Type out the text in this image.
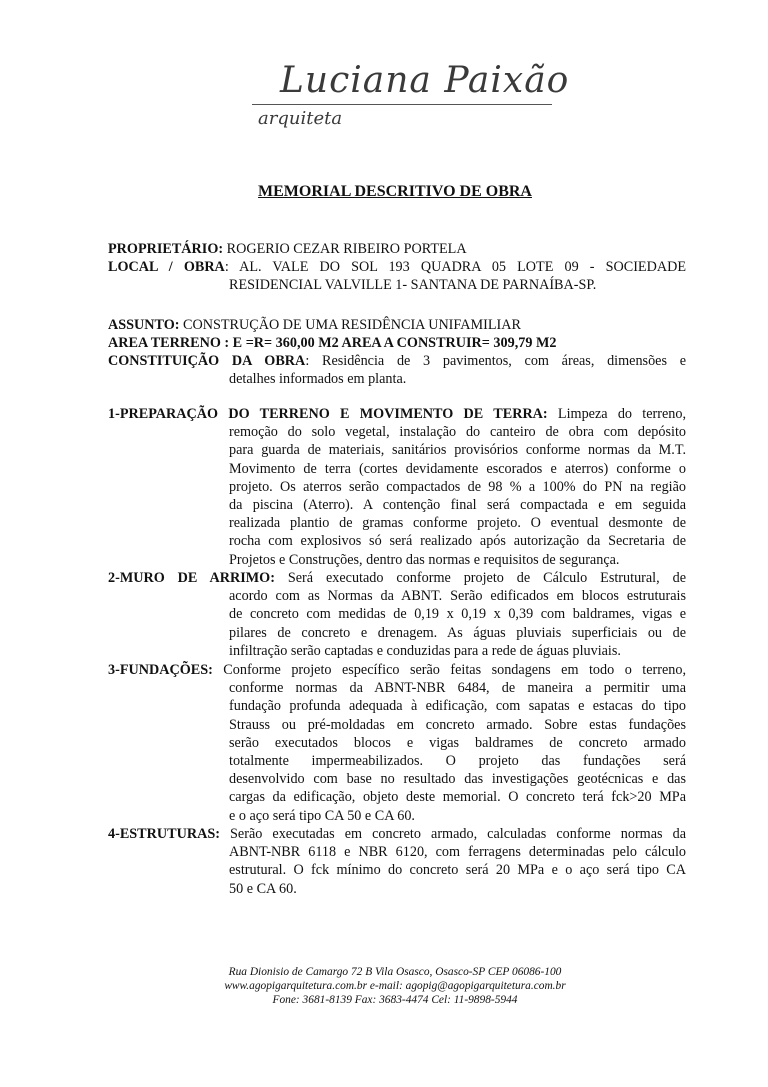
Luciana Paixão
arquiteta
MEMORIAL DESCRITIVO DE OBRA
PROPRIETÁRIO: ROGERIO CEZAR RIBEIRO PORTELA
LOCAL / OBRA: AL. VALE DO SOL 193 QUADRA 05 LOTE 09 - SOCIEDADE
RESIDENCIAL VALVILLE 1- SANTANA DE PARNAÍBA-SP.
ASSUNTO: CONSTRUÇÃO DE UMA RESIDÊNCIA UNIFAMILIAR
AREA TERRENO : E =R= 360,00 M2 AREA A CONSTRUIR= 309,79 M2
CONSTITUIÇÃO DA OBRA: Residência de 3 pavimentos, com áreas, dimensões e
detalhes informados em planta.
1-PREPARAÇÃO DO TERRENO E MOVIMENTO DE TERRA: Limpeza do terreno,
remoção do solo vegetal, instalação do canteiro de obra com depósito
para guarda de materiais, sanitários provisórios conforme normas da M.T.
Movimento de terra (cortes devidamente escorados e aterros) conforme o
projeto. Os aterros serão compactados de 98 % a 100% do PN na região
da piscina (Aterro). A contenção final será compactada e em seguida
realizada plantio de gramas conforme projeto. O eventual desmonte de
rocha com explosivos só será realizado após autorização da Secretaria de
Projetos e Construções, dentro das normas e requisitos de segurança.
2-MURO DE ARRIMO: Será executado conforme projeto de Cálculo Estrutural, de
acordo com as Normas da ABNT. Serão edificados em blocos estruturais
de concreto com medidas de 0,19 x 0,19 x 0,39 com baldrames, vigas e
pilares de concreto e drenagem. As águas pluviais superficiais ou de
infiltração serão captadas e conduzidas para a rede de águas pluviais.
3-FUNDAÇÕES: Conforme projeto específico serão feitas sondagens em todo o terreno,
conforme normas da ABNT-NBR 6484, de maneira a permitir uma
fundação profunda adequada à edificação, com sapatas e estacas do tipo
Strauss ou pré-moldadas em concreto armado. Sobre estas fundações
serão executados blocos e vigas baldrames de concreto armado
totalmente impermeabilizados. O projeto das fundações será
desenvolvido com base no resultado das investigações geotécnicas e das
cargas da edificação, objeto deste memorial. O concreto terá fck>20 MPa
e o aço será tipo CA 50 e CA 60.
4-ESTRUTURAS: Serão executadas em concreto armado, calculadas conforme normas da
ABNT-NBR 6118 e NBR 6120, com ferragens determinadas pelo cálculo
estrutural. O fck mínimo do concreto será 20 MPa e o aço será tipo CA
50 e CA 60.
Rua Dionisio de Camargo 72 B Vila Osasco, Osasco-SP CEP 06086-100
www.agopigarquitetura.com.br e-mail: agopig@agopigarquitetura.com.br
Fone: 3681-8139 Fax: 3683-4474 Cel: 11-9898-5944
